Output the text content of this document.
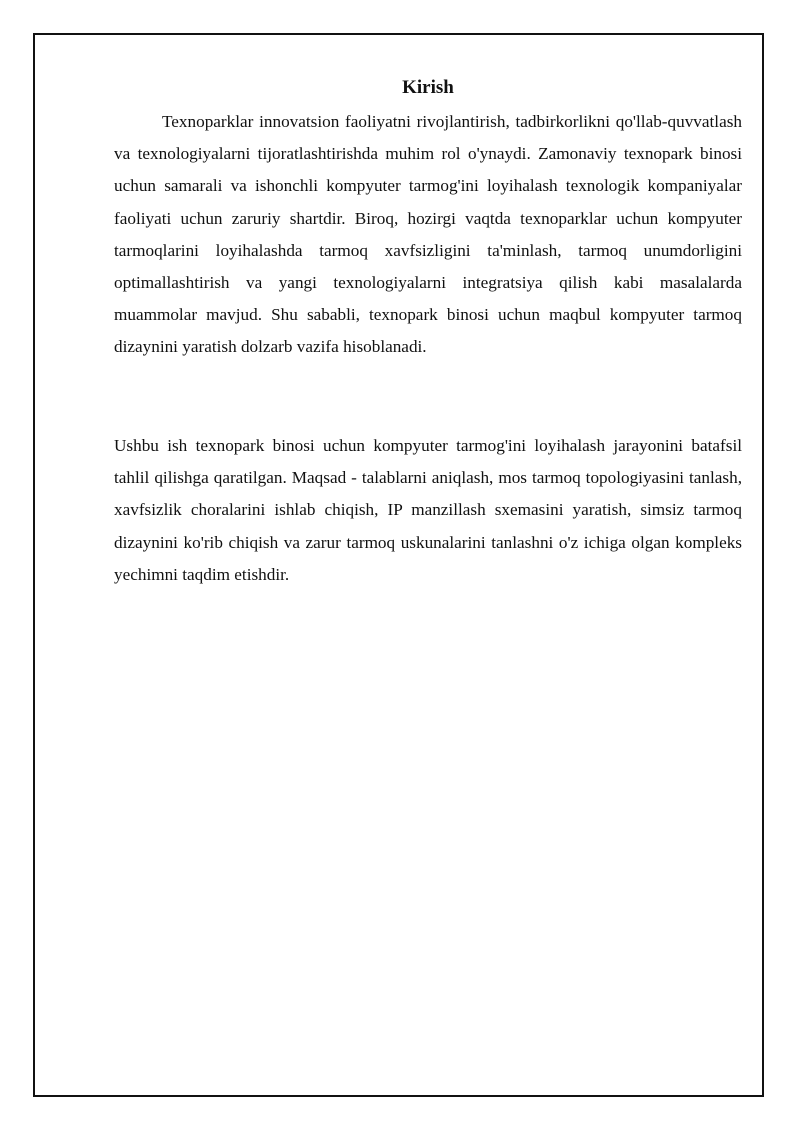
Kirish

Texnoparklar innovatsion faoliyatni rivojlantirish, tadbirkorlikni qo'llab-quvvatlash va texnologiyalarni tijoratlashtirishda muhim rol o'ynaydi. Zamonaviy texnopark binosi uchun samarali va ishonchli kompyuter tarmog'ini loyihalash texnologik kompaniyalar faoliyati uchun zaruriy shartdir. Biroq, hozirgi vaqtda texnoparklar uchun kompyuter tarmoqlarini loyihalashda tarmoq xavfsizligini ta'minlash, tarmoq unumdorligini optimallashtirish va yangi texnologiyalarni integratsiya qilish kabi masalalarda muammolar mavjud. Shu sababli, texnopark binosi uchun maqbul kompyuter tarmoq dizaynini yaratish dolzarb vazifa hisoblanadi.

Ushbu ish texnopark binosi uchun kompyuter tarmog'ini loyihalash jarayonini batafsil tahlil qilishga qaratilgan. Maqsad - talablarni aniqlash, mos tarmoq topologiyasini tanlash, xavfsizlik choralarini ishlab chiqish, IP manzillash sxemasini yaratish, simsiz tarmoq dizaynini ko'rib chiqish va zarur tarmoq uskunalarini tanlashni o'z ichiga olgan kompleks yechimni taqdim etishdir.
